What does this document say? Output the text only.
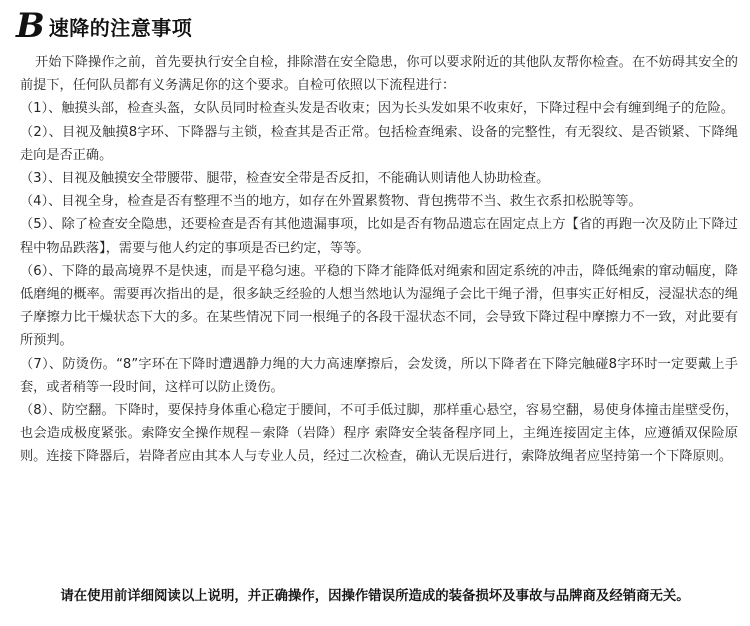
B 速降的注意事项

开始下降操作之前，首先要执行安全自检，排除潜在安全隐患，你可以要求附近的其他队友帮你检查。在不妨碍其安全的前提下，任何队员都有义务满足你的这个要求。自检可依照以下流程进行：

（1）、触摸头部，检查头盔，女队员同时检查头发是否收束；因为长头发如果不收束好，下降过程中会有缠到绳子的危险。

（2）、目视及触摸8字环、下降器与主锁，检查其是否正常。包括检查绳索、设备的完整性，有无裂纹、是否锁紧、下降绳走向是否正确。

（3）、目视及触摸安全带腰带、腿带，检查安全带是否反扣，不能确认则请他人协助检查。

（4）、目视全身，检查是否有整理不当的地方，如存在外置累赘物、背包携带不当、救生衣系扣松脱等等。

（5）、除了检查安全隐患，还要检查是否有其他遗漏事项，比如是否有物品遗忘在固定点上方【省的再跑一次及防止下降过程中物品跌落】，需要与他人约定的事项是否已约定，等等。

（6）、下降的最高境界不是快速，而是平稳匀速。平稳的下降才能降低对绳索和固定系统的冲击，降低绳索的窜动幅度，降低磨绳的概率。需要再次指出的是，很多缺乏经验的人想当然地认为湿绳子会比干绳子滑，但事实正好相反，浸湿状态的绳子摩擦力比干燥状态下大的多。在某些情况下同一根绳子的各段干湿状态不同，会导致下降过程中摩擦力不一致，对此要有所预判。

（7）、防烫伤。“8”字环在下降时遭遇静力绳的大力高速摩擦后，会发烫，所以下降者在下降完触碰8字环时一定要戴上手套，或者稍等一段时间，这样可以防止烫伤。

（8）、防空翻。下降时，要保持身体重心稳定于腰间，不可手低过脚，那样重心悬空，容易空翻，易使身体撞击崖壁受伤，也会造成极度紧张。索降安全操作规程－索降（岩降）程序 索降安全装备程序同上，主绳连接固定主体，应遵循双保险原则。连接下降器后，岩降者应由其本人与专业人员，经过二次检查，确认无误后进行，索降放绳者应坚持第一个下降原则。

请在使用前详细阅读以上说明，并正确操作，因操作错误所造成的装备损坏及事故与品牌商及经销商无关。
